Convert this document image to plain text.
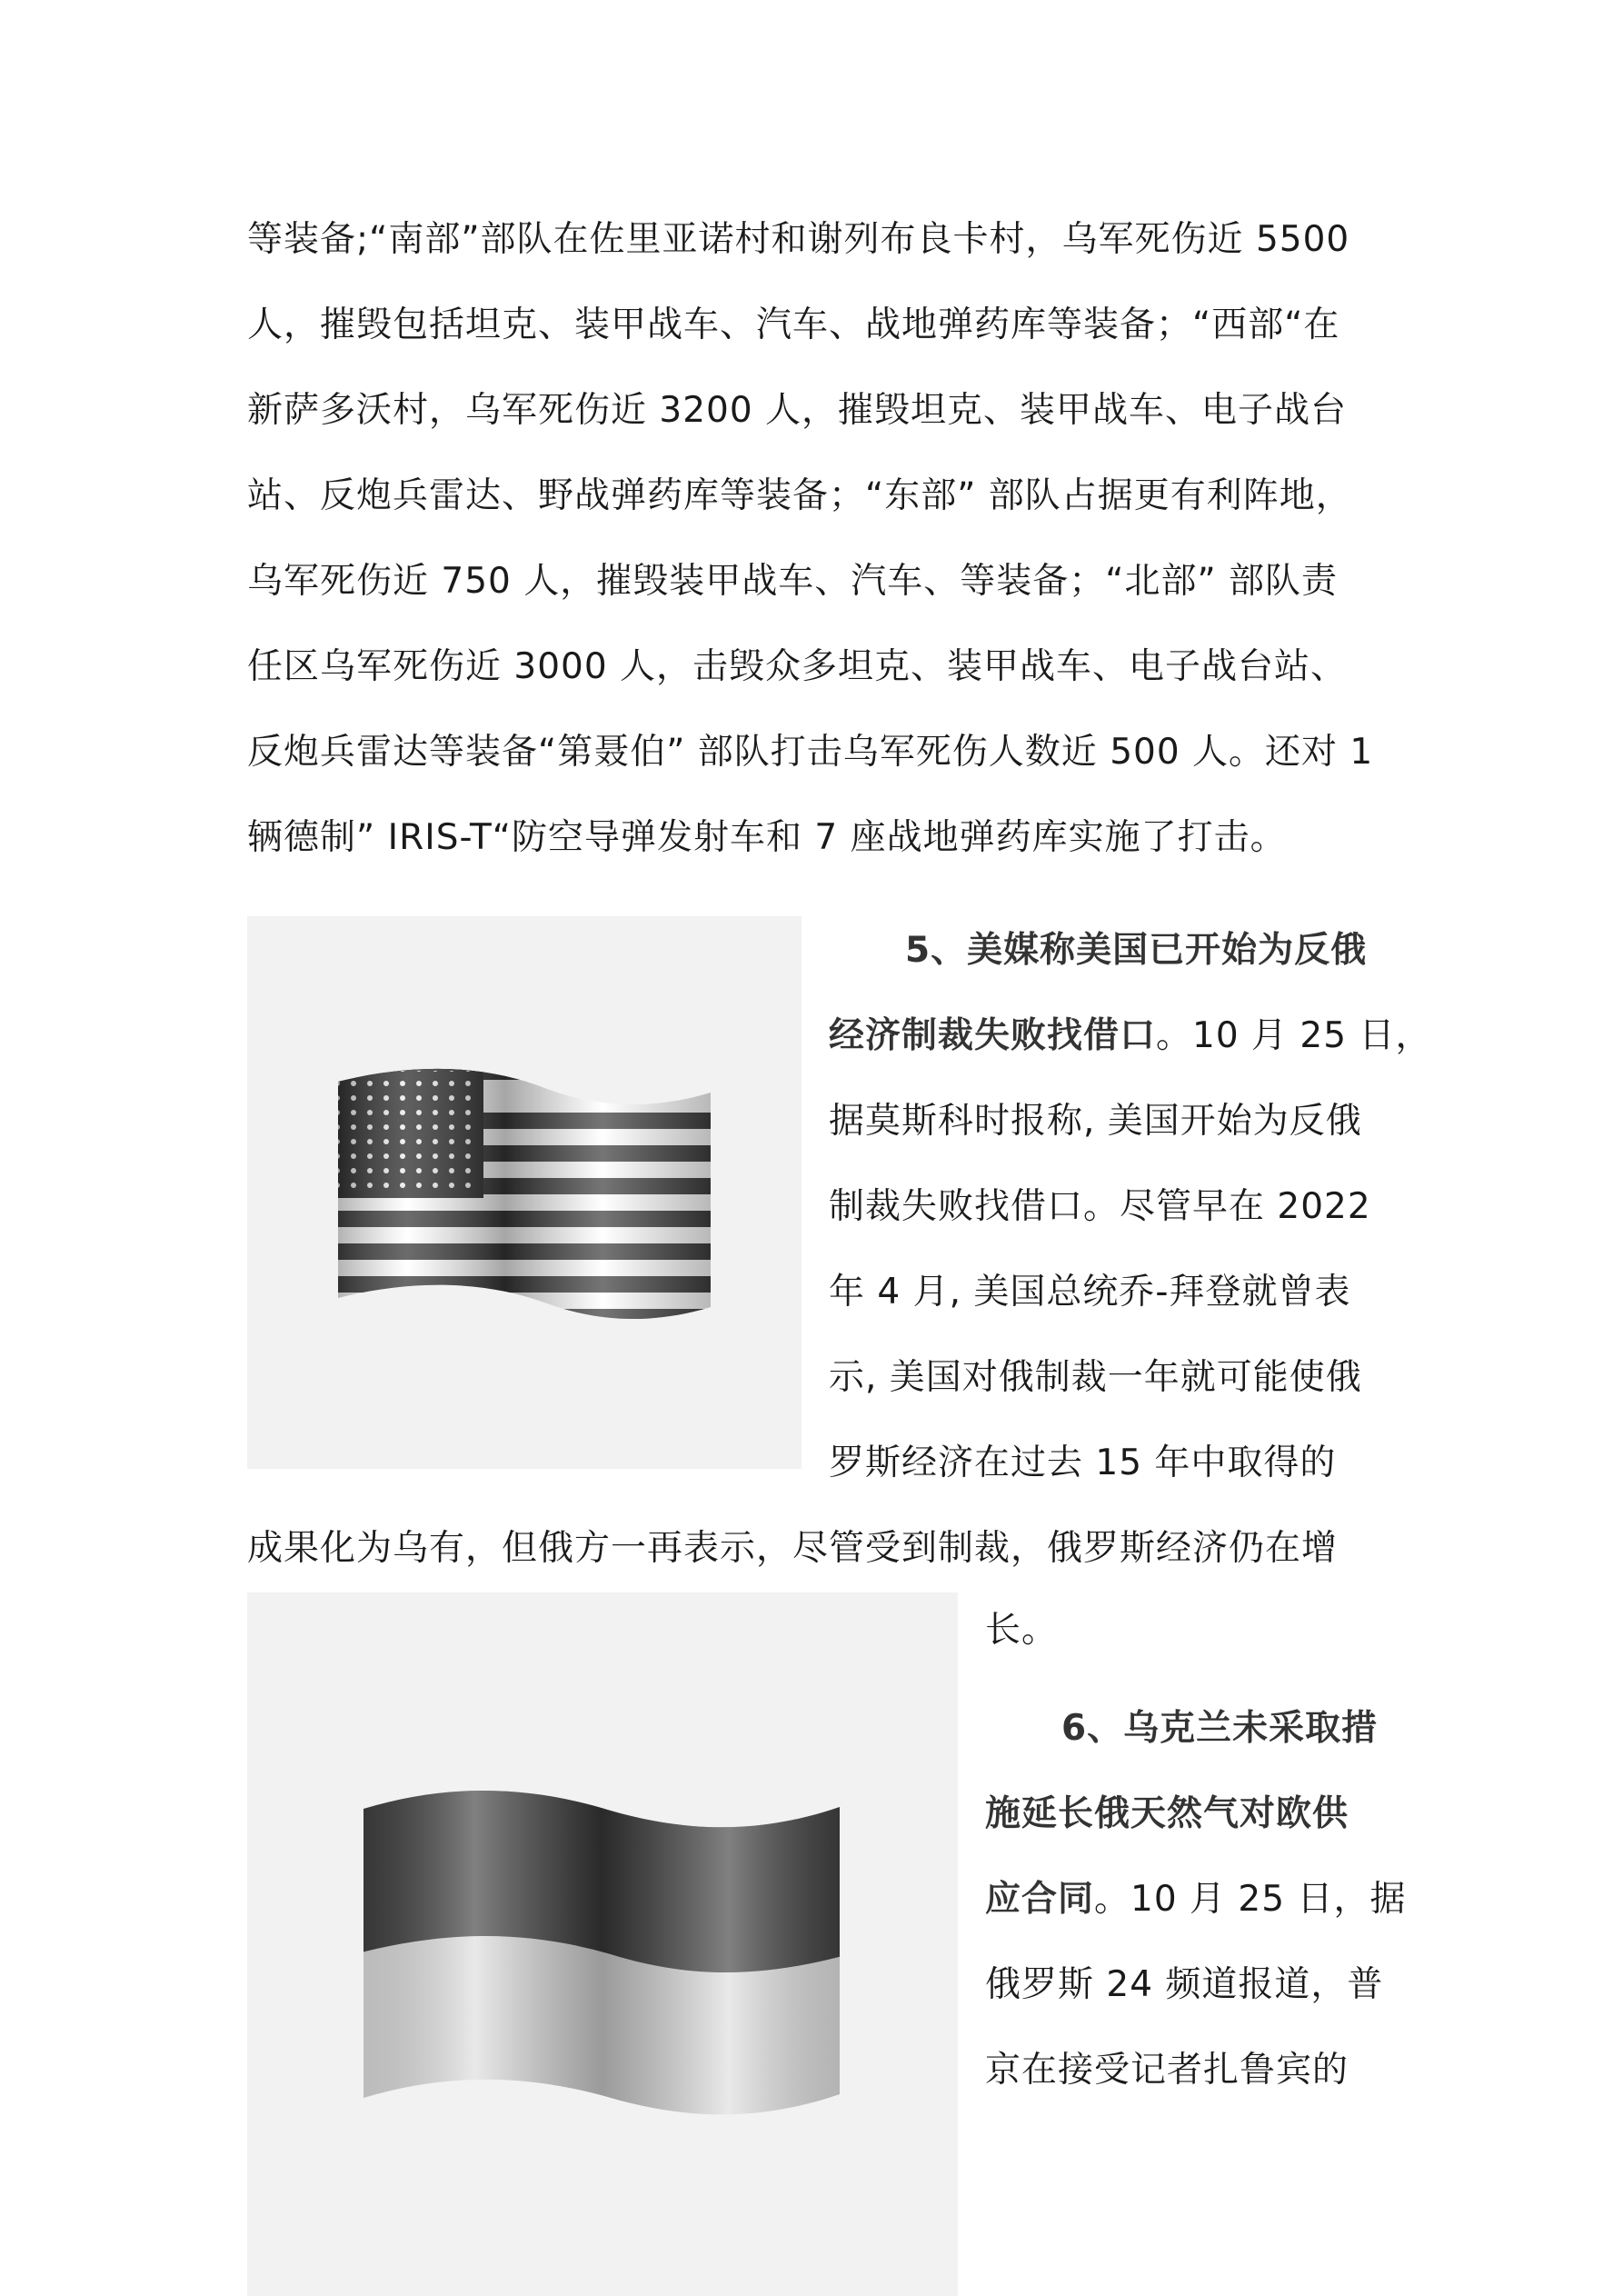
等装备;“南部”部队在佐里亚诺村和谢列布良卡村，乌军死伤近 5500
人，摧毁包括坦克、装甲战车、汽车、战地弹药库等装备；“西部“在
新萨多沃村，乌军死伤近 3200 人，摧毁坦克、装甲战车、电子战台
站、反炮兵雷达、野战弹药库等装备；“东部” 部队占据更有利阵地，
乌军死伤近 750 人，摧毁装甲战车、汽车、等装备；“北部” 部队责
任区乌军死伤近 3000 人，击毁众多坦克、装甲战车、电子战台站、
反炮兵雷达等装备“第聂伯” 部队打击乌军死伤人数近 500 人。还对 1
辆德制” IRIS-T“防空导弹发射车和 7 座战地弹药库实施了打击。
5、美媒称美国已开始为反俄
经济制裁失败找借口。10 月 25 日，
据莫斯科时报称, 美国开始为反俄
制裁失败找借口。尽管早在 2022
年 4 月, 美国总统乔-拜登就曾表
示, 美国对俄制裁一年就可能使俄
罗斯经济在过去 15 年中取得的
成果化为乌有，但俄方一再表示，尽管受到制裁，俄罗斯经济仍在增
长。
6、乌克兰未采取措
施延长俄天然气对欧供
应合同。10 月 25 日，据
俄罗斯 24 频道报道，普
京在接受记者扎鲁宾的
